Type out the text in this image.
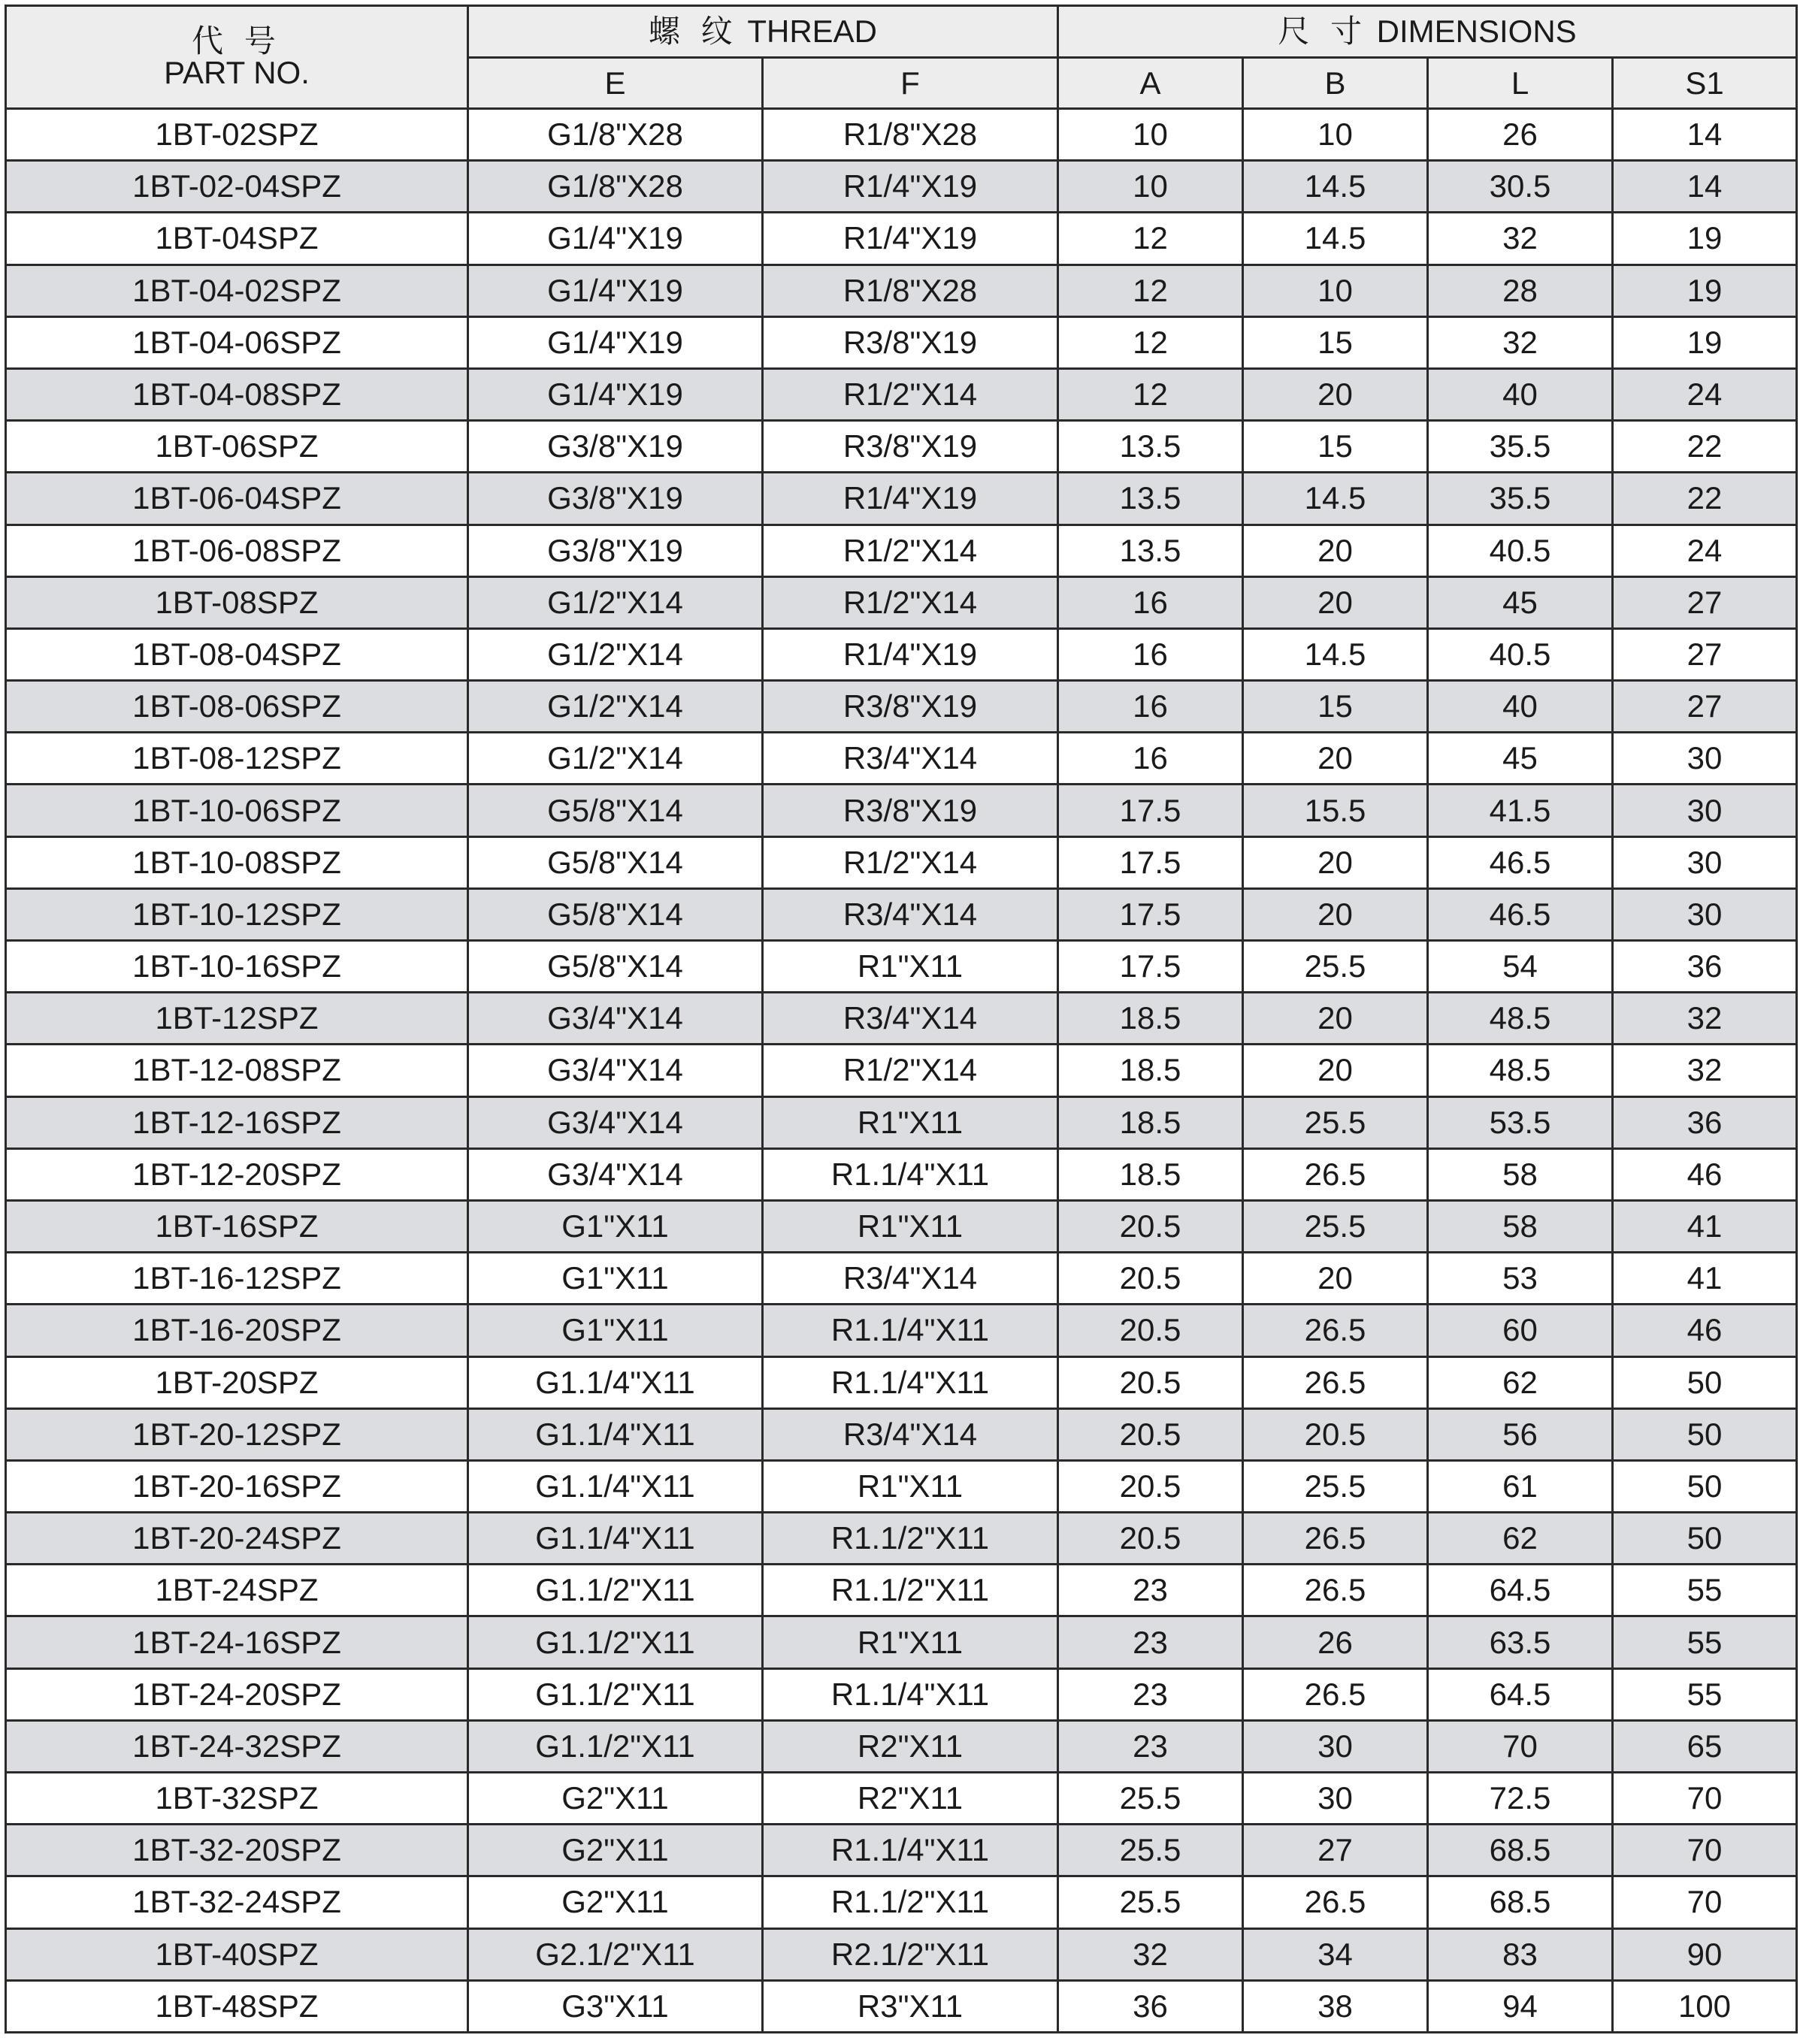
代 号
PART NO.	螺 纹 THREAD		尺 寸 DIMENSIONS			
	E	F	A	B	L	S1
1BT-02SPZ	G1/8"X28	R1/8"X28	10	10	26	14
1BT-02-04SPZ	G1/8"X28	R1/4"X19	10	14.5	30.5	14
1BT-04SPZ	G1/4"X19	R1/4"X19	12	14.5	32	19
1BT-04-02SPZ	G1/4"X19	R1/8"X28	12	10	28	19
1BT-04-06SPZ	G1/4"X19	R3/8"X19	12	15	32	19
1BT-04-08SPZ	G1/4"X19	R1/2"X14	12	20	40	24
1BT-06SPZ	G3/8"X19	R3/8"X19	13.5	15	35.5	22
1BT-06-04SPZ	G3/8"X19	R1/4"X19	13.5	14.5	35.5	22
1BT-06-08SPZ	G3/8"X19	R1/2"X14	13.5	20	40.5	24
1BT-08SPZ	G1/2"X14	R1/2"X14	16	20	45	27
1BT-08-04SPZ	G1/2"X14	R1/4"X19	16	14.5	40.5	27
1BT-08-06SPZ	G1/2"X14	R3/8"X19	16	15	40	27
1BT-08-12SPZ	G1/2"X14	R3/4"X14	16	20	45	30
1BT-10-06SPZ	G5/8"X14	R3/8"X19	17.5	15.5	41.5	30
1BT-10-08SPZ	G5/8"X14	R1/2"X14	17.5	20	46.5	30
1BT-10-12SPZ	G5/8"X14	R3/4"X14	17.5	20	46.5	30
1BT-10-16SPZ	G5/8"X14	R1"X11	17.5	25.5	54	36
1BT-12SPZ	G3/4"X14	R3/4"X14	18.5	20	48.5	32
1BT-12-08SPZ	G3/4"X14	R1/2"X14	18.5	20	48.5	32
1BT-12-16SPZ	G3/4"X14	R1"X11	18.5	25.5	53.5	36
1BT-12-20SPZ	G3/4"X14	R1.1/4"X11	18.5	26.5	58	46
1BT-16SPZ	G1"X11	R1"X11	20.5	25.5	58	41
1BT-16-12SPZ	G1"X11	R3/4"X14	20.5	20	53	41
1BT-16-20SPZ	G1"X11	R1.1/4"X11	20.5	26.5	60	46
1BT-20SPZ	G1.1/4"X11	R1.1/4"X11	20.5	26.5	62	50
1BT-20-12SPZ	G1.1/4"X11	R3/4"X14	20.5	20.5	56	50
1BT-20-16SPZ	G1.1/4"X11	R1"X11	20.5	25.5	61	50
1BT-20-24SPZ	G1.1/4"X11	R1.1/2"X11	20.5	26.5	62	50
1BT-24SPZ	G1.1/2"X11	R1.1/2"X11	23	26.5	64.5	55
1BT-24-16SPZ	G1.1/2"X11	R1"X11	23	26	63.5	55
1BT-24-20SPZ	G1.1/2"X11	R1.1/4"X11	23	26.5	64.5	55
1BT-24-32SPZ	G1.1/2"X11	R2"X11	23	30	70	65
1BT-32SPZ	G2"X11	R2"X11	25.5	30	72.5	70
1BT-32-20SPZ	G2"X11	R1.1/4"X11	25.5	27	68.5	70
1BT-32-24SPZ	G2"X11	R1.1/2"X11	25.5	26.5	68.5	70
1BT-40SPZ	G2.1/2"X11	R2.1/2"X11	32	34	83	90
1BT-48SPZ	G3"X11	R3"X11	36	38	94	100
